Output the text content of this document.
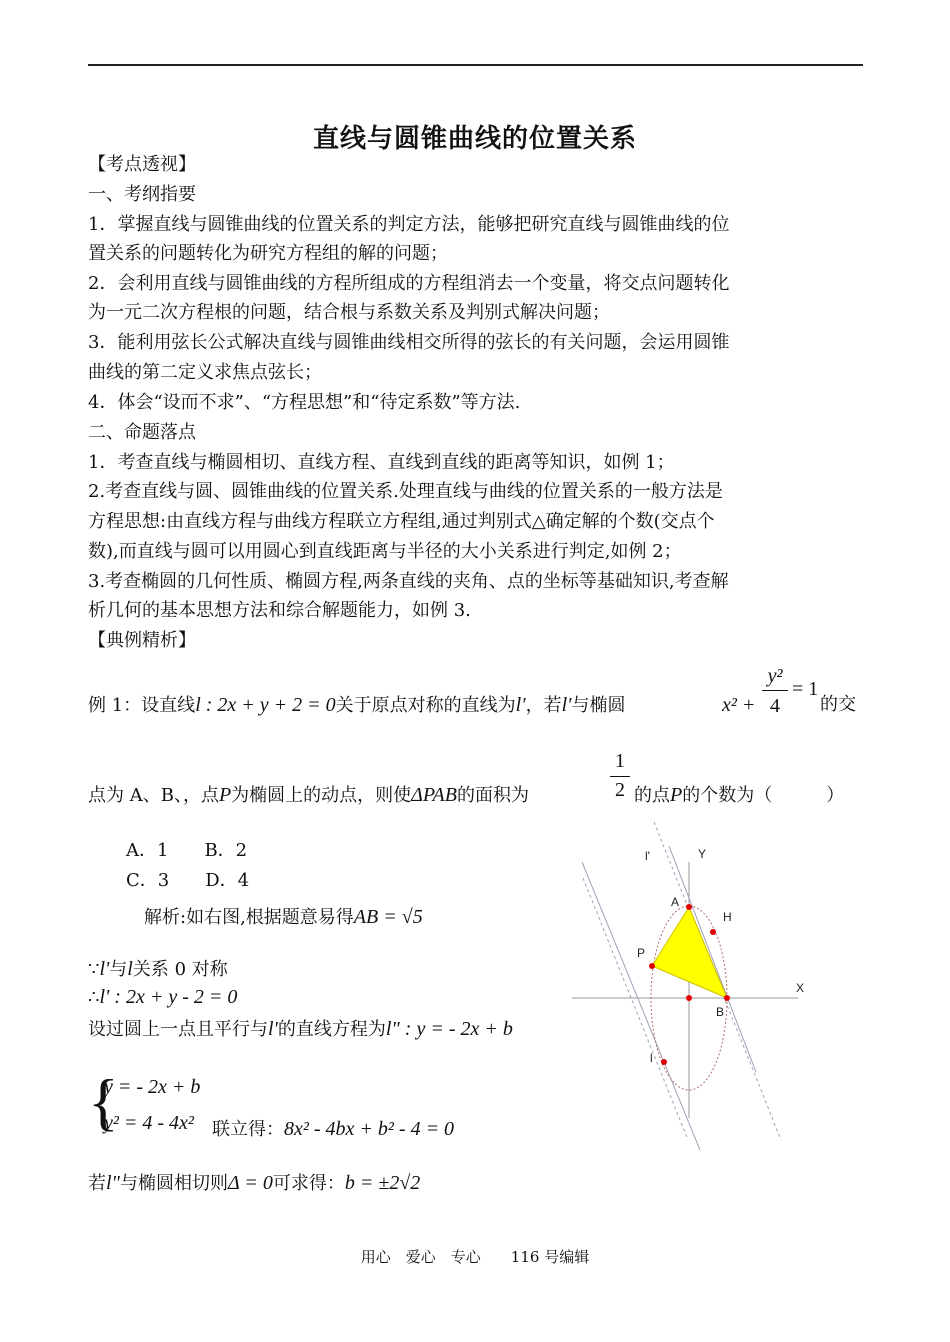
直线与圆锥曲线的位置关系
【考点透视】
一、考纲指要
1．掌握直线与圆锥曲线的位置关系的判定方法，能够把研究直线与圆锥曲线的位
置关系的问题转化为研究方程组的解的问题；
2．会利用直线与圆锥曲线的方程所组成的方程组消去一个变量，将交点问题转化
为一元二次方程根的问题，结合根与系数关系及判别式解决问题；
3．能利用弦长公式解决直线与圆锥曲线相交所得的弦长的有关问题，会运用圆锥
曲线的第二定义求焦点弦长；
4．体会“设而不求”、“方程思想”和“待定系数”等方法.
二、命题落点
1．考查直线与椭圆相切、直线方程、直线到直线的距离等知识，如例 1；
2.考查直线与圆、圆锥曲线的位置关系.处理直线与曲线的位置关系的一般方法是
方程思想:由直线方程与曲线方程联立方程组,通过判别式△确定解的个数(交点个
数),而直线与圆可以用圆心到直线距离与半径的大小关系进行判定,如例 2；
3.考查椭圆的几何性质、椭圆方程,两条直线的夹角、点的坐标等基础知识,考查解
析几何的基本思想方法和综合解题能力，如例 3.
【典例精析】
例 1：设直线l : 2x + y + 2 = 0关于原点对称的直线为l′，若l′与椭圆	x² +
y²
4
= 1
的交
点为 A、B、，点P为椭圆上的动点，则使ΔPAB的面积为
1
2 的点P的个数为（　　　）
A．1　　B．2
C．3　　D．4
解析:如右图,根据题意易得AB = √5
∵l'与l关系 0 对称
∴l' : 2x + y - 2 = 0
设过圆上一点且平行与l'的直线方程为l" : y = - 2x + b
{
y = - 2x + b
y² = 4 - 4x² 联立得：8x² - 4bx + b² - 4 = 0
若l"与椭圆相切则Δ = 0可求得：b = ±2√2
l'	Y
A
H
P
X
B
l
用心　爱心　专心　　116 号编辑
